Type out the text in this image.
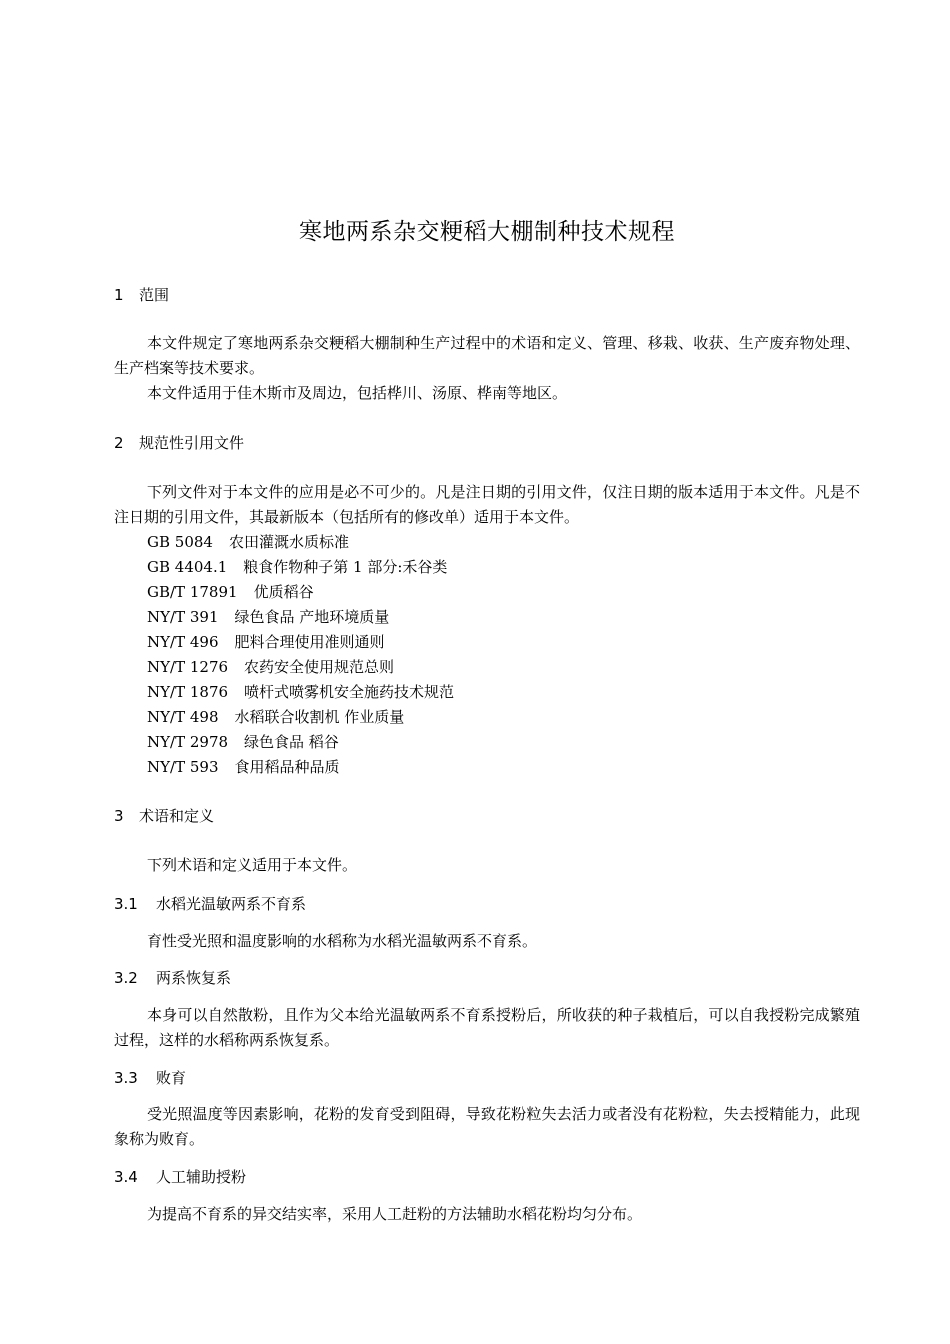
寒地两系杂交粳稻大棚制种技术规程
1 范围
本文件规定了寒地两系杂交粳稻大棚制种生产过程中的术语和定义、管理、移栽、收获、生产废弃物处理、生产档案等技术要求。
本文件适用于佳木斯市及周边，包括桦川、汤原、桦南等地区。
2 规范性引用文件
下列文件对于本文件的应用是必不可少的。凡是注日期的引用文件，仅注日期的版本适用于本文件。凡是不注日期的引用文件，其最新版本（包括所有的修改单）适用于本文件。
GB 5084 农田灌溉水质标准
GB 4404.1 粮食作物种子第 1 部分:禾谷类
GB/T 17891 优质稻谷
NY/T 391 绿色食品 产地环境质量
NY/T 496 肥料合理使用准则通则
NY/T 1276 农药安全使用规范总则
NY/T 1876 喷杆式喷雾机安全施药技术规范
NY/T 498 水稻联合收割机 作业质量
NY/T 2978 绿色食品 稻谷
NY/T 593 食用稻品种品质
3 术语和定义
下列术语和定义适用于本文件。
3.1 水稻光温敏两系不育系
育性受光照和温度影响的水稻称为水稻光温敏两系不育系。
3.2 两系恢复系
本身可以自然散粉，且作为父本给光温敏两系不育系授粉后，所收获的种子栽植后，可以自我授粉完成繁殖过程，这样的水稻称两系恢复系。
3.3 败育
受光照温度等因素影响，花粉的发育受到阻碍，导致花粉粒失去活力或者没有花粉粒，失去授精能力，此现象称为败育。
3.4 人工辅助授粉
为提高不育系的异交结实率，采用人工赶粉的方法辅助水稻花粉均匀分布。
